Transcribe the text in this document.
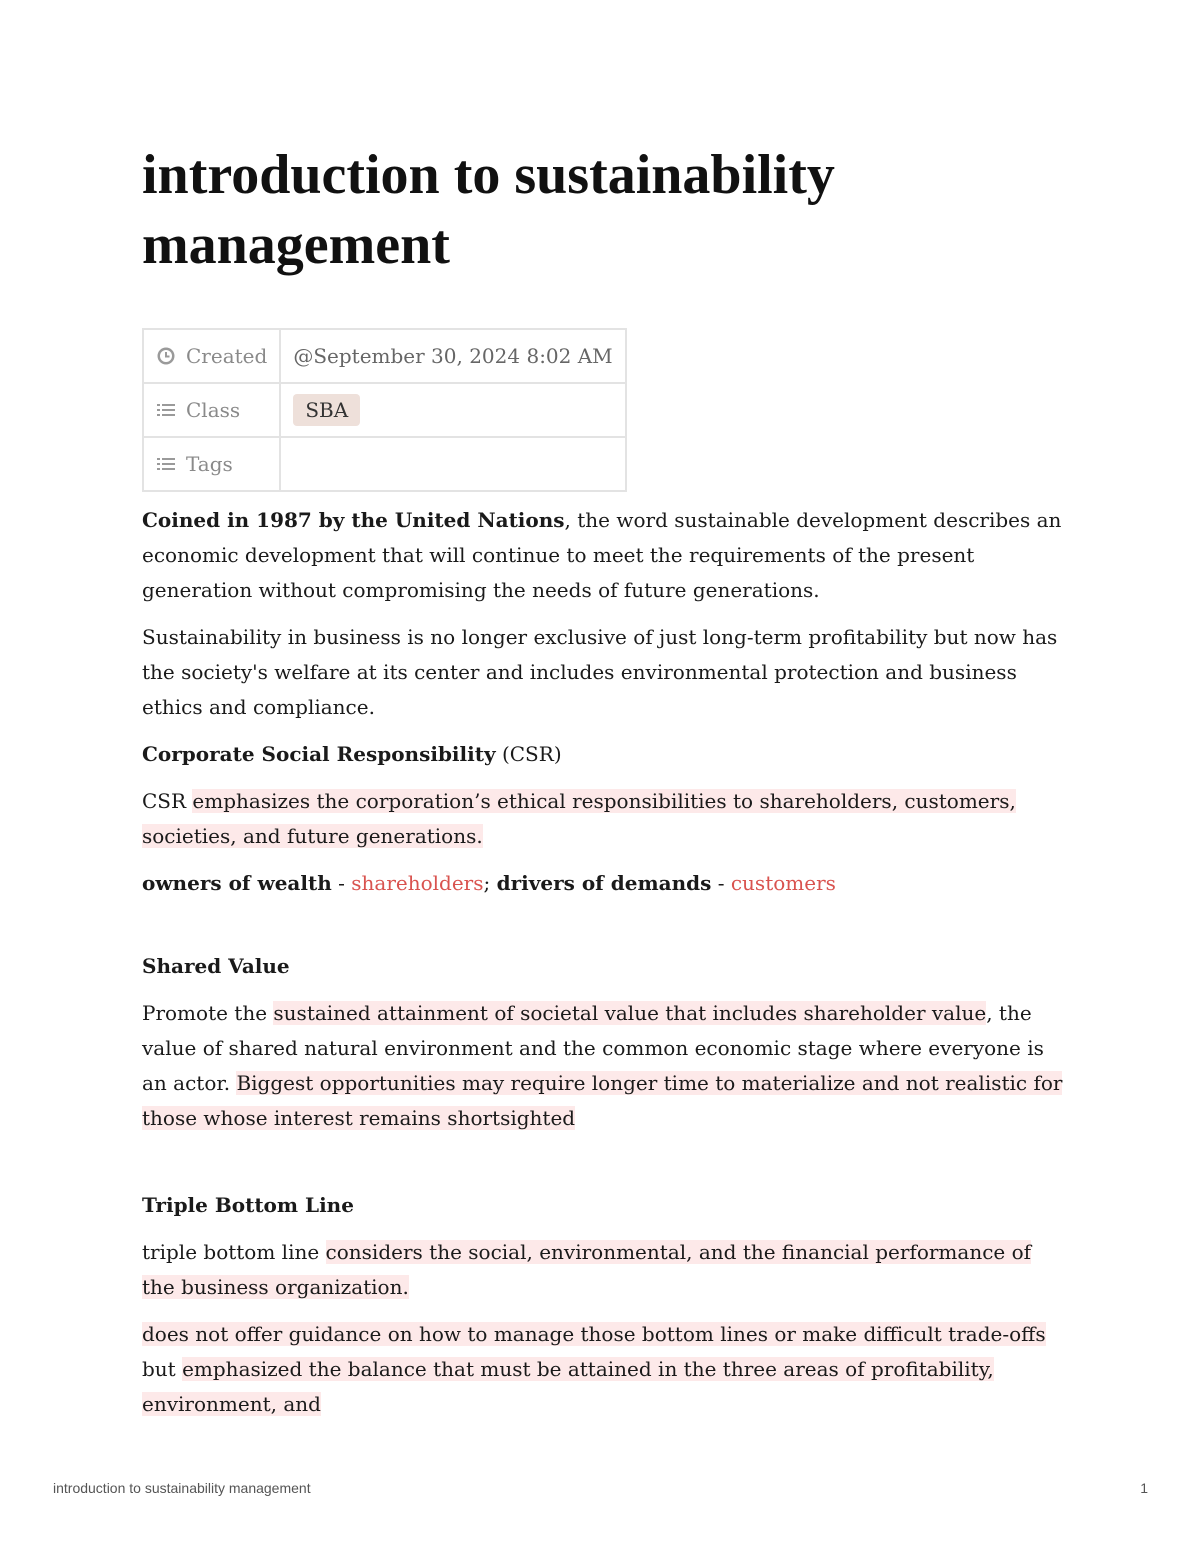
introduction to sustainability management
Created	@September 30, 2024 8:02 AM
Class	SBA
Tags	

Coined in 1987 by the United Nations, the word sustainable development describes an economic development that will continue to meet the requirements of the present generation without compromising the needs of future generations.

Sustainability in business is no longer exclusive of just long-term profitability but now has the society's welfare at its center and includes environmental protection and business ethics and compliance.

Corporate Social Responsibility (CSR)

CSR emphasizes the corporation’s ethical responsibilities to shareholders, customers, societies, and future generations.

owners of wealth - shareholders; drivers of demands - customers

Shared Value

Promote the sustained attainment of societal value that includes shareholder value, the value of shared natural environment and the common economic stage where everyone is an actor. Biggest opportunities may require longer time to materialize and not realistic for those whose interest remains shortsighted

Triple Bottom Line

triple bottom line considers the social, environmental, and the financial performance of the business organization.

does not offer guidance on how to manage those bottom lines or make difficult trade-offs but emphasized the balance that must be attained in the three areas of profitability, environment, and

introduction to sustainability management	1
